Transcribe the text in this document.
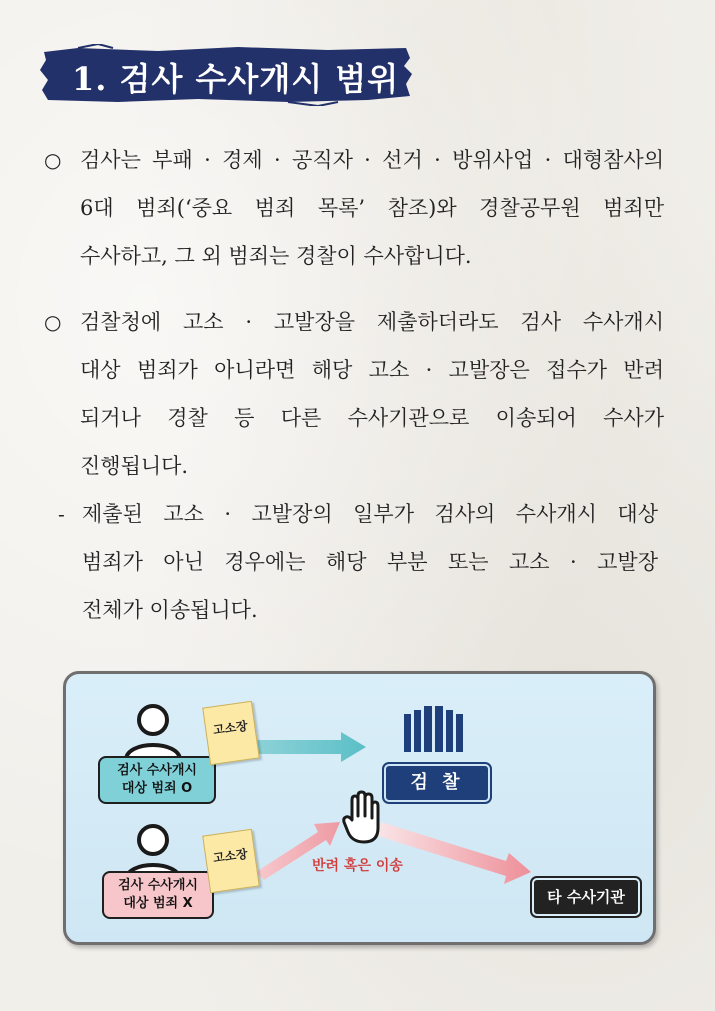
1. 검사 수사개시 범위
○ 검사는 부패 · 경제 · 공직자 · 선거 · 방위사업 · 대형참사의
6대 범죄(‘중요 범죄 목록’ 참조)와 경찰공무원 범죄만
수사하고, 그 외 범죄는 경찰이 수사합니다.
○ 검찰청에 고소 · 고발장을 제출하더라도 검사 수사개시
대상 범죄가 아니라면 해당 고소 · 고발장은 접수가 반려
되거나 경찰 등 다른 수사기관으로 이송되어 수사가
진행됩니다.
- 제출된 고소 · 고발장의 일부가 검사의 수사개시 대상
범죄가 아닌 경우에는 해당 부분 또는 고소 · 고발장
전체가 이송됩니다.
검사 수사개시
대상 범죄 O
고소장
검사 수사개시
대상 범죄 X
고소장
검 찰
반려 혹은 이송
타 수사기관
